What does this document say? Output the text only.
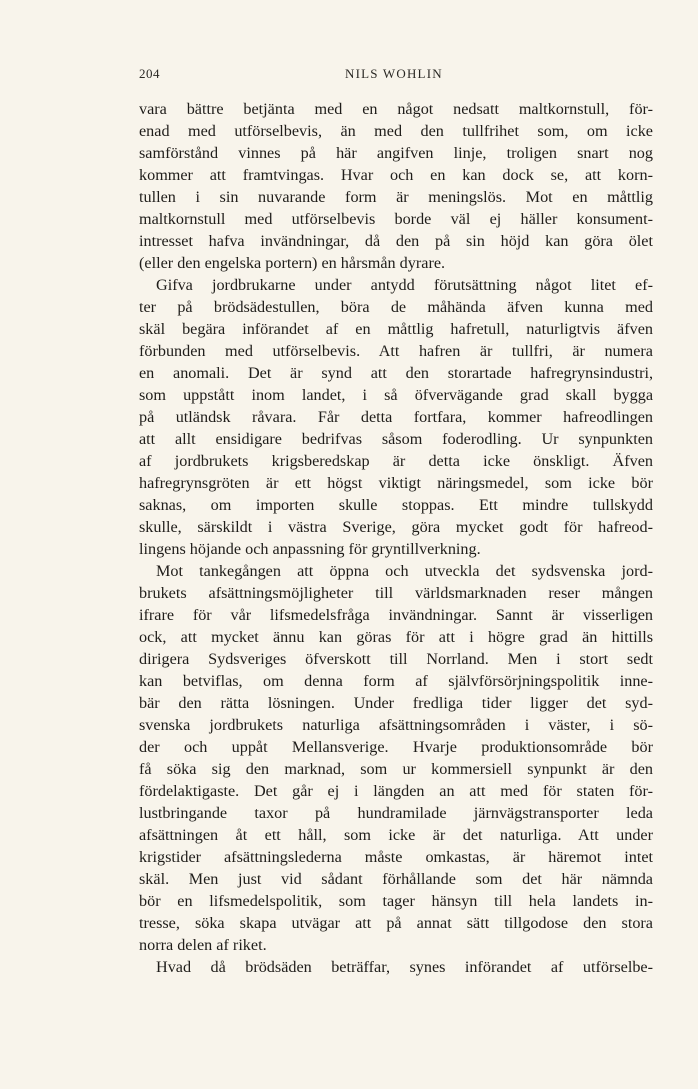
204	NILS WOHLIN
vara bättre betjänta med en något nedsatt maltkornstull, för-
enad med utförselbevis, än med den tullfrihet som, om icke
samförstånd vinnes på här angifven linje, troligen snart nog
kommer att framtvingas. Hvar och en kan dock se, att korn-
tullen i sin nuvarande form är meningslös. Mot en måttlig
maltkornstull med utförselbevis borde väl ej häller konsument-
intresset hafva invändningar, då den på sin höjd kan göra ölet
(eller den engelska portern) en hårsmån dyrare.
Gifva jordbrukarne under antydd förutsättning något litet ef-
ter på brödsädestullen, böra de måhända äfven kunna med
skäl begära införandet af en måttlig hafretull, naturligtvis äfven
förbunden med utförselbevis. Att hafren är tullfri, är numera
en anomali. Det är synd att den storartade hafregrynsindustri,
som uppstått inom landet, i så öfvervägande grad skall bygga
på utländsk råvara. Får detta fortfara, kommer hafreodlingen
att allt ensidigare bedrifvas såsom foderodling. Ur synpunkten
af jordbrukets krigsberedskap är detta icke önskligt. Äfven
hafregrynsgröten är ett högst viktigt näringsmedel, som icke bör
saknas, om importen skulle stoppas. Ett mindre tullskydd
skulle, särskildt i västra Sverige, göra mycket godt för hafreod-
lingens höjande och anpassning för gryntillverkning.
Mot tankegången att öppna och utveckla det sydsvenska jord-
brukets afsättningsmöjligheter till världsmarknaden reser mången
ifrare för vår lifsmedelsfråga invändningar. Sannt är visserligen
ock, att mycket ännu kan göras för att i högre grad än hittills
dirigera Sydsveriges öfverskott till Norrland. Men i stort sedt
kan betviflas, om denna form af självförsörjningspolitik inne-
bär den rätta lösningen. Under fredliga tider ligger det syd-
svenska jordbrukets naturliga afsättningsområden i väster, i sö-
der och uppåt Mellansverige. Hvarje produktionsområde bör
få söka sig den marknad, som ur kommersiell synpunkt är den
fördelaktigaste. Det går ej i längden an att med för staten för-
lustbringande taxor på hundramilade järnvägstransporter leda
afsättningen åt ett håll, som icke är det naturliga. Att under
krigstider afsättningslederna måste omkastas, är häremot intet
skäl. Men just vid sådant förhållande som det här nämnda
bör en lifsmedelspolitik, som tager hänsyn till hela landets in-
tresse, söka skapa utvägar att på annat sätt tillgodose den stora
norra delen af riket.
Hvad då brödsäden beträffar, synes införandet af utförselbe-
